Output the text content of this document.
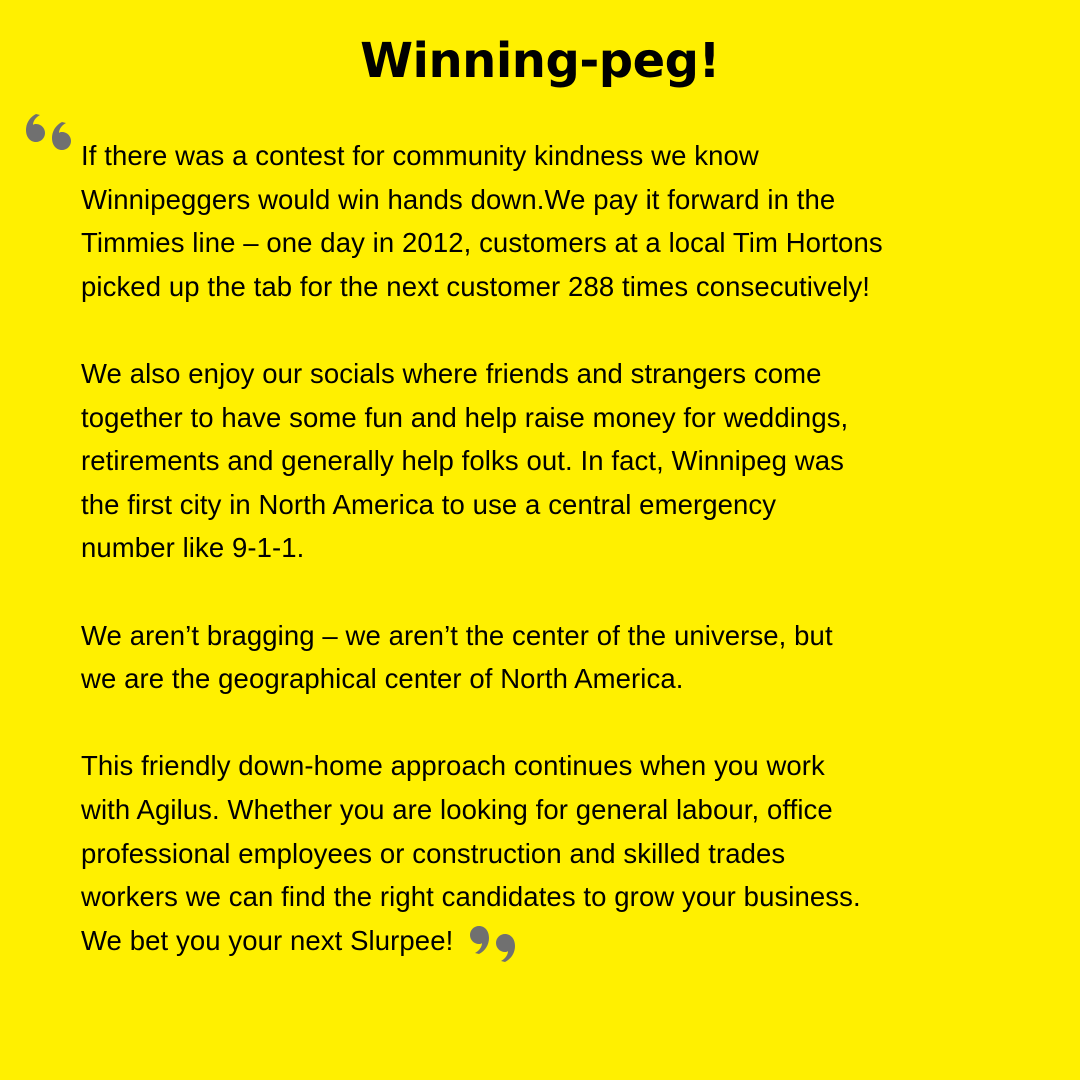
Winning-peg!

If there was a contest for community kindness we know
Winnipeggers would win hands down.We pay it forward in the
Timmies line – one day in 2012, customers at a local Tim Hortons
picked up the tab for the next customer 288 times consecutively!

We also enjoy our socials where friends and strangers come
together to have some fun and help raise money for weddings,
retirements and generally help folks out. In fact, Winnipeg was
the first city in North America to use a central emergency
number like 9-1-1.

We aren’t bragging – we aren’t the center of the universe, but
we are the geographical center of North America.

This friendly down-home approach continues when you work
with Agilus. Whether you are looking for general labour, office
professional employees or construction and skilled trades
workers we can find the right candidates to grow your business.
We bet you your next Slurpee!
